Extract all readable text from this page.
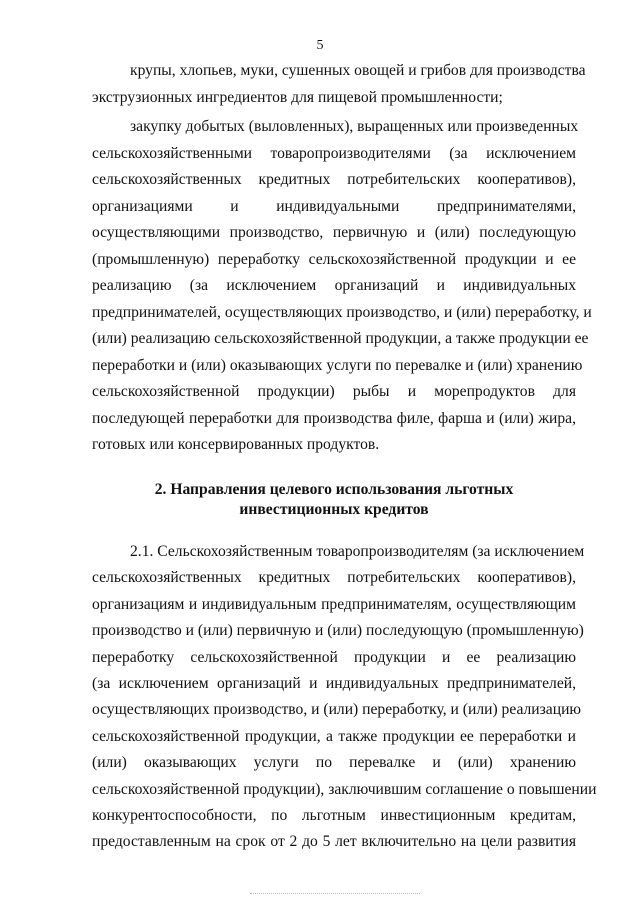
5
крупы, хлопьев, муки, сушенных овощей и грибов для производства
экструзионных ингредиентов для пищевой промышленности;
закупку добытых (выловленных), выращенных или произведенных
сельскохозяйственными товаропроизводителями (за исключением
сельскохозяйственных кредитных потребительских кооперативов),
организациями и индивидуальными предпринимателями,
осуществляющими производство, первичную и (или) последующую
(промышленную) переработку сельскохозяйственной продукции и ее
реализацию (за исключением организаций и индивидуальных
предпринимателей, осуществляющих производство, и (или) переработку, и
(или) реализацию сельскохозяйственной продукции, а также продукции ее
переработки и (или) оказывающих услуги по перевалке и (или) хранению
сельскохозяйственной продукции) рыбы и морепродуктов для
последующей переработки для производства филе, фарша и (или) жира,
готовых или консервированных продуктов.
2. Направления целевого использования льготных
инвестиционных кредитов
2.1. Сельскохозяйственным товаропроизводителям (за исключением
сельскохозяйственных кредитных потребительских кооперативов),
организациям и индивидуальным предпринимателям, осуществляющим
производство и (или) первичную и (или) последующую (промышленную)
переработку сельскохозяйственной продукции и ее реализацию
(за исключением организаций и индивидуальных предпринимателей,
осуществляющих производство, и (или) переработку, и (или) реализацию
сельскохозяйственной продукции, а также продукции ее переработки и
(или) оказывающих услуги по перевалке и (или) хранению
сельскохозяйственной продукции), заключившим соглашение о повышении
конкурентоспособности, по льготным инвестиционным кредитам,
предоставленным на срок от 2 до 5 лет включительно на цели развития
